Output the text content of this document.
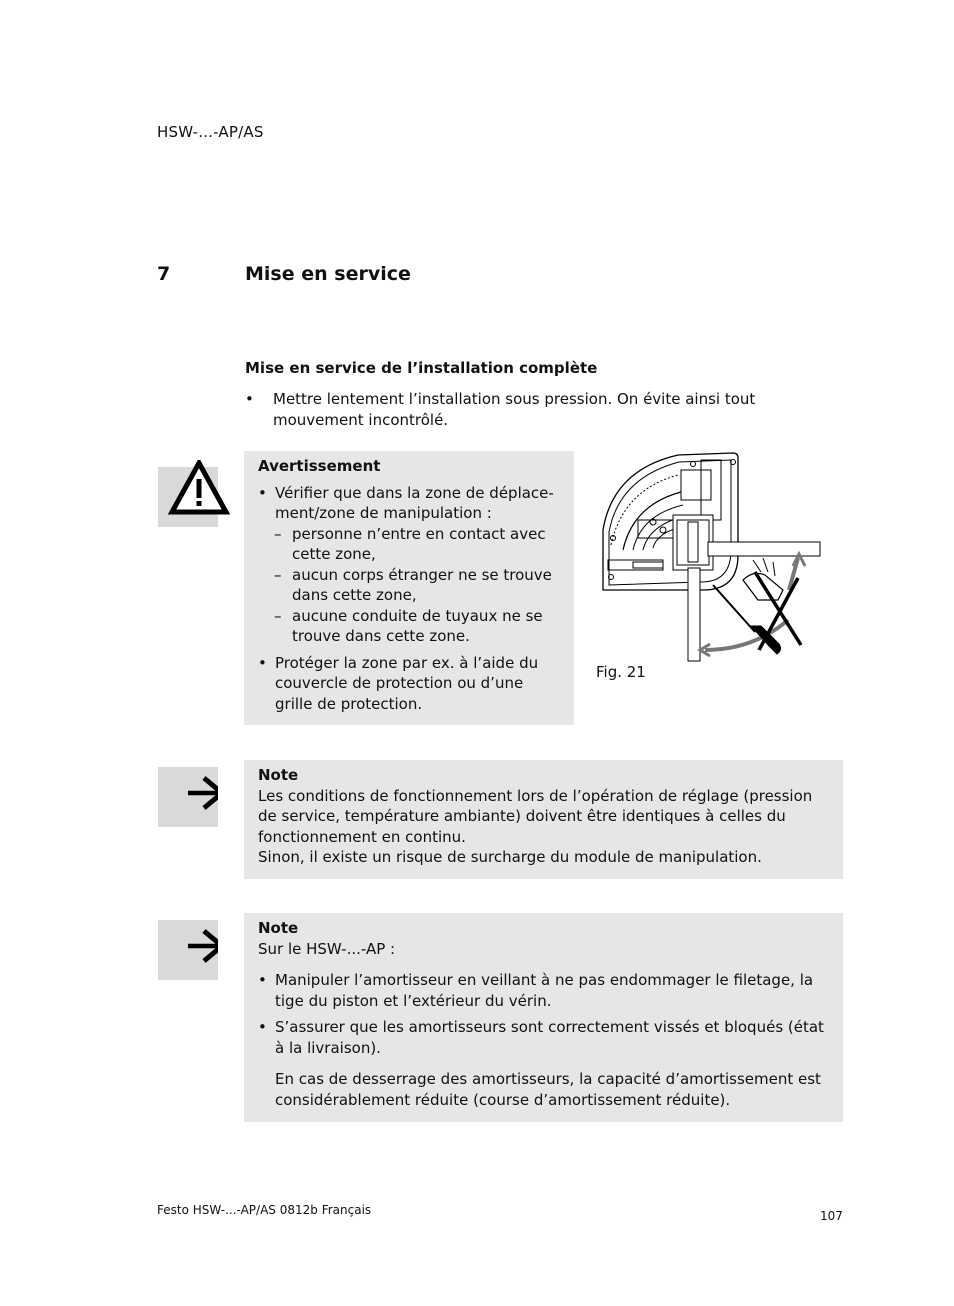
HSW-...-AP/AS
7	Mise en service
Mise en service de l’installation complète
• Mettre lentement l’installation sous pression. On évite ainsi tout mouvement incontrôlé.
Avertissement
• Vérifier que dans la zone de déplacement/zone de manipulation :
– personne n’entre en contact avec cette zone,
– aucun corps étranger ne se trouve dans cette zone,
– aucune conduite de tuyaux ne se trouve dans cette zone.
• Protéger la zone par ex. à l’aide du couvercle de protection ou d’une grille de protection.
Fig. 21
Note
Les conditions de fonctionnement lors de l’opération de réglage (pression de service, température ambiante) doivent être identiques à celles du fonctionnement en continu.
Sinon, il existe un risque de surcharge du module de manipulation.
Note
Sur le HSW-...-AP :
• Manipuler l’amortisseur en veillant à ne pas endommager le filetage, la tige du piston et l’extérieur du vérin.
• S’assurer que les amortisseurs sont correctement vissés et bloqués (état à la livraison).
En cas de desserrage des amortisseurs, la capacité d’amortissement est considérablement réduite (course d’amortissement réduite).
Festo HSW-...-AP/AS 0812b Français	107
